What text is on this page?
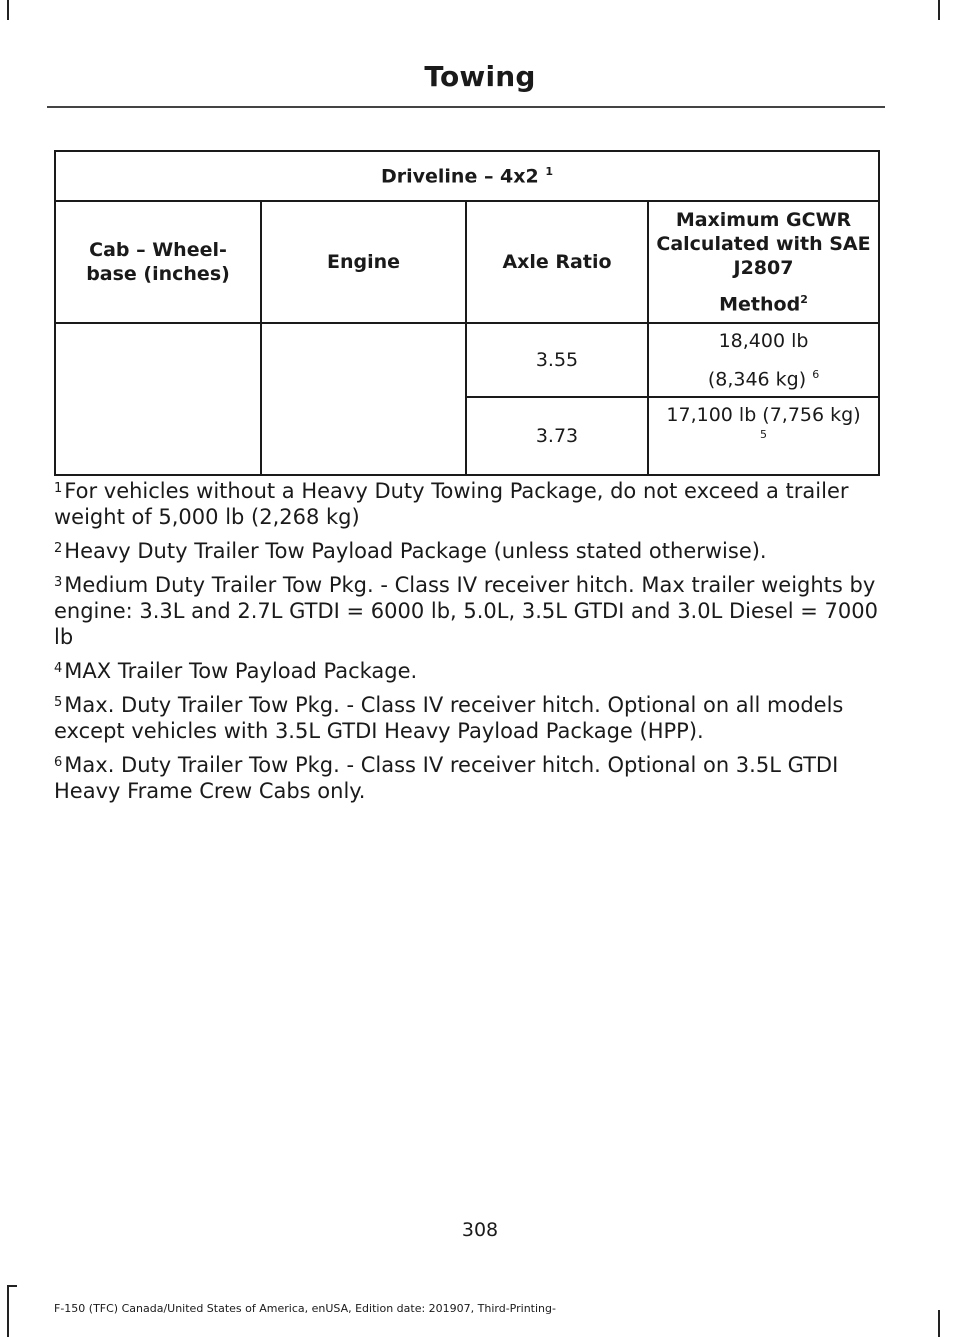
Towing
Driveline – 4x2 $^1$
Cab – Wheel-base (inches)	Engine	Axle Ratio	Maximum GCWR Calculated with SAE J2807
Method$^2$

		3.55	18,400 lb
(8,346 kg) $^6$

		3.73	17,100 lb (7,756 kg)
5

$^1$For vehicles without a Heavy Duty Towing Package, do not exceed a trailer weight of 5,000 lb (2,268 kg)

$^2$Heavy Duty Trailer Tow Payload Package (unless stated otherwise).

$^3$Medium Duty Trailer Tow Pkg. - Class IV receiver hitch. Max trailer weights by engine: 3.3L and 2.7L GTDI = 6000 lb, 5.0L, 3.5L GTDI and 3.0L Diesel = 7000 lb

$^4$MAX Trailer Tow Payload Package.

$^5$Max. Duty Trailer Tow Pkg. - Class IV receiver hitch. Optional on all models except vehicles with 3.5L GTDI Heavy Payload Package (HPP).

$^6$Max. Duty Trailer Tow Pkg. - Class IV receiver hitch. Optional on 3.5L GTDI Heavy Frame Crew Cabs only.

308
F-150 (TFC) Canada/United States of America, enUSA, Edition date: 201907, Third-Printing-
